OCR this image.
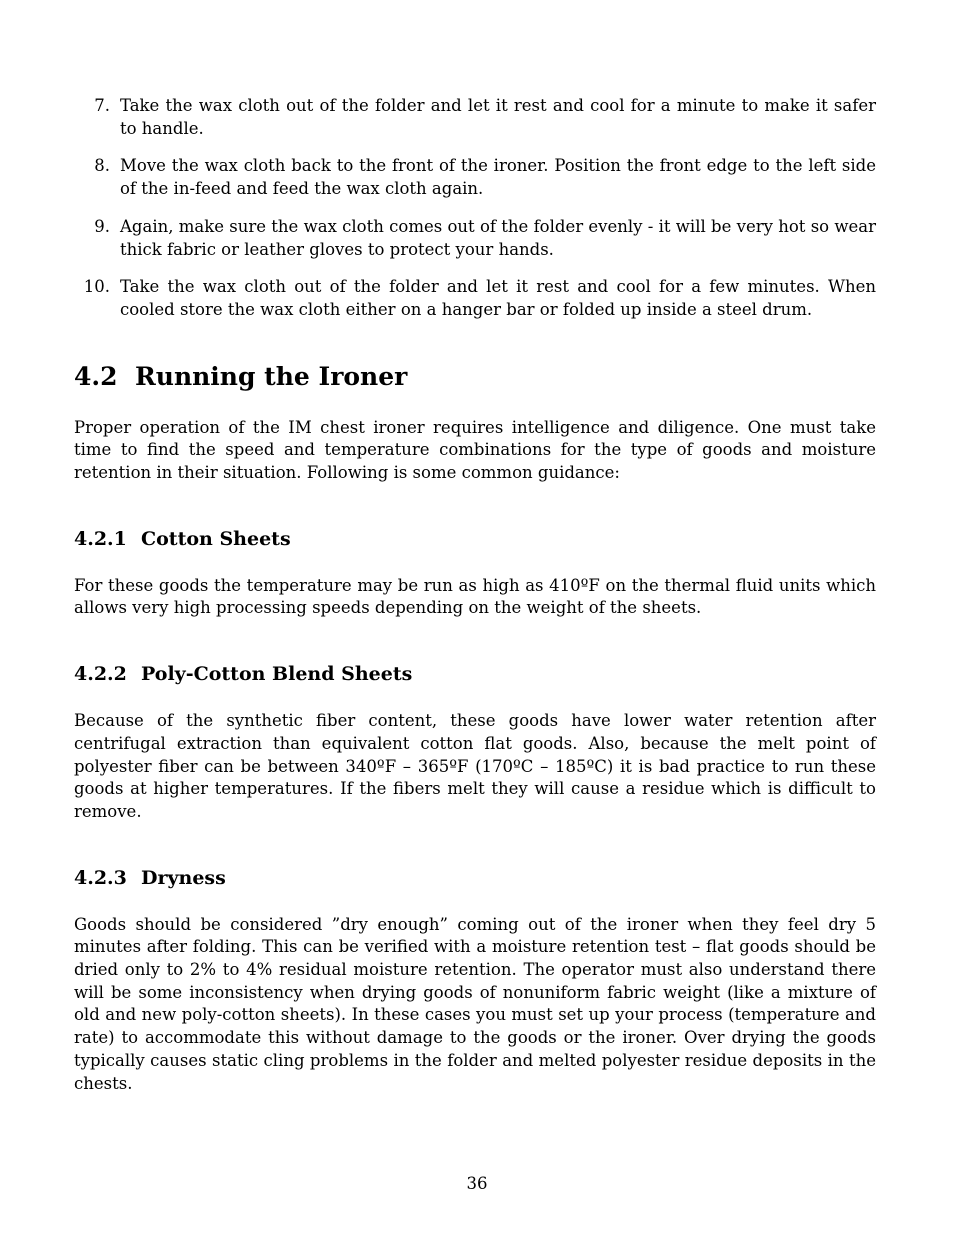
7. Take the wax cloth out of the folder and let it rest and cool for a minute to make it safer to handle.
8. Move the wax cloth back to the front of the ironer. Position the front edge to the left side of the in-feed and feed the wax cloth again.
9. Again, make sure the wax cloth comes out of the folder evenly - it will be very hot so wear thick fabric or leather gloves to protect your hands.
10. Take the wax cloth out of the folder and let it rest and cool for a few minutes. When cooled store the wax cloth either on a hanger bar or folded up inside a steel drum.
4.2 Running the Ironer

Proper operation of the IM chest ironer requires intelligence and diligence. One must take time to find the speed and temperature combinations for the type of goods and moisture retention in their situation. Following is some common guidance:

4.2.1 Cotton Sheets

For these goods the temperature may be run as high as 410ºF on the thermal fluid units which allows very high processing speeds depending on the weight of the sheets.

4.2.2 Poly-Cotton Blend Sheets

Because of the synthetic fiber content, these goods have lower water retention after centrifugal extraction than equivalent cotton flat goods. Also, because the melt point of polyester fiber can be between 340ºF – 365ºF (170ºC – 185ºC) it is bad practice to run these goods at higher temperatures. If the fibers melt they will cause a residue which is difficult to remove.

4.2.3 Dryness

Goods should be considered ”dry enough” coming out of the ironer when they feel dry 5 minutes after folding. This can be verified with a moisture retention test – flat goods should be dried only to 2% to 4% residual moisture retention. The operator must also understand there will be some inconsistency when drying goods of nonuniform fabric weight (like a mixture of old and new poly-cotton sheets). In these cases you must set up your process (temperature and rate) to accommodate this without damage to the goods or the ironer. Over drying the goods typically causes static cling problems in the folder and melted polyester residue deposits in the chests.

36
